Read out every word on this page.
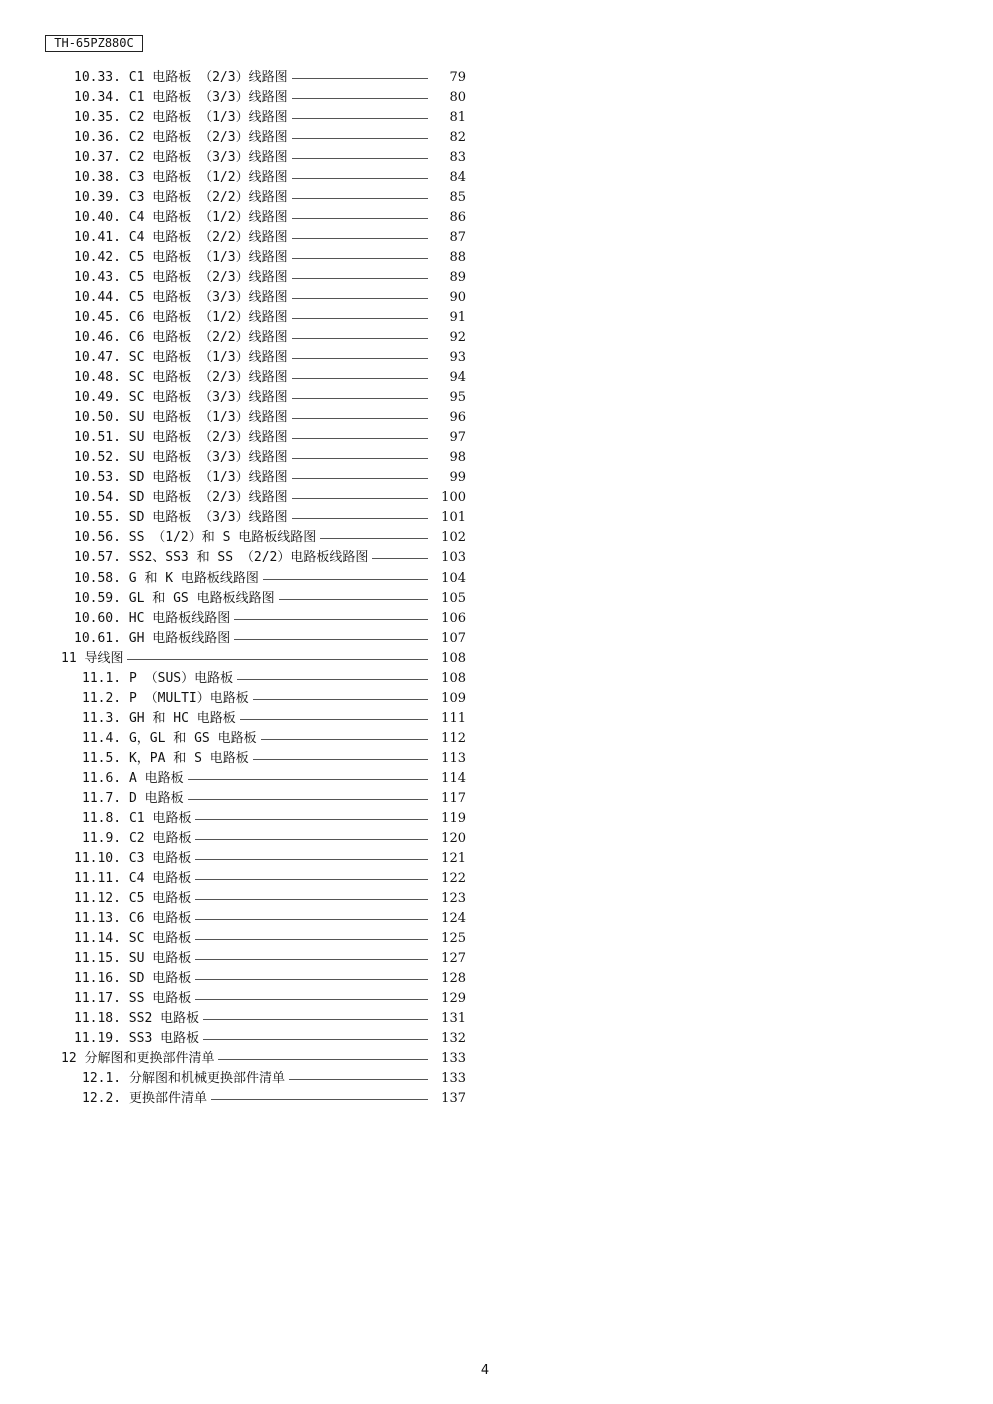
TH-65PZ880C
10.33. C1 电路板 （2/3）线路图	79
10.34. C1 电路板 （3/3）线路图	80
10.35. C2 电路板 （1/3）线路图	81
10.36. C2 电路板 （2/3）线路图	82
10.37. C2 电路板 （3/3）线路图	83
10.38. C3 电路板 （1/2）线路图	84
10.39. C3 电路板 （2/2）线路图	85
10.40. C4 电路板 （1/2）线路图	86
10.41. C4 电路板 （2/2）线路图	87
10.42. C5 电路板 （1/3）线路图	88
10.43. C5 电路板 （2/3）线路图	89
10.44. C5 电路板 （3/3）线路图	90
10.45. C6 电路板 （1/2）线路图	91
10.46. C6 电路板 （2/2）线路图	92
10.47. SC 电路板 （1/3）线路图	93
10.48. SC 电路板 （2/3）线路图	94
10.49. SC 电路板 （3/3）线路图	95
10.50. SU 电路板 （1/3）线路图	96
10.51. SU 电路板 （2/3）线路图	97
10.52. SU 电路板 （3/3）线路图	98
10.53. SD 电路板 （1/3）线路图	99
10.54. SD 电路板 （2/3）线路图	100
10.55. SD 电路板 （3/3）线路图	101
10.56. SS （1/2）和 S 电路板线路图	102
10.57. SS2、SS3 和 SS （2/2）电路板线路图	103
10.58. G 和 K 电路板线路图	104
10.59. GL 和 GS 电路板线路图	105
10.60. HC 电路板线路图	106
10.61. GH 电路板线路图	107
11 导线图	108
11.1. P （SUS）电路板	108
11.2. P （MULTI）电路板	109
11.3. GH 和 HC 电路板	111
11.4. G，GL 和 GS 电路板	112
11.5. K，PA 和 S 电路板	113
11.6. A 电路板	114
11.7. D 电路板	117
11.8. C1 电路板	119
11.9. C2 电路板	120
11.10. C3 电路板	121
11.11. C4 电路板	122
11.12. C5 电路板	123
11.13. C6 电路板	124
11.14. SC 电路板	125
11.15. SU 电路板	127
11.16. SD 电路板	128
11.17. SS 电路板	129
11.18. SS2 电路板	131
11.19. SS3 电路板	132
12 分解图和更换部件清单	133
12.1. 分解图和机械更换部件清单	133
12.2. 更换部件清单	137
4
